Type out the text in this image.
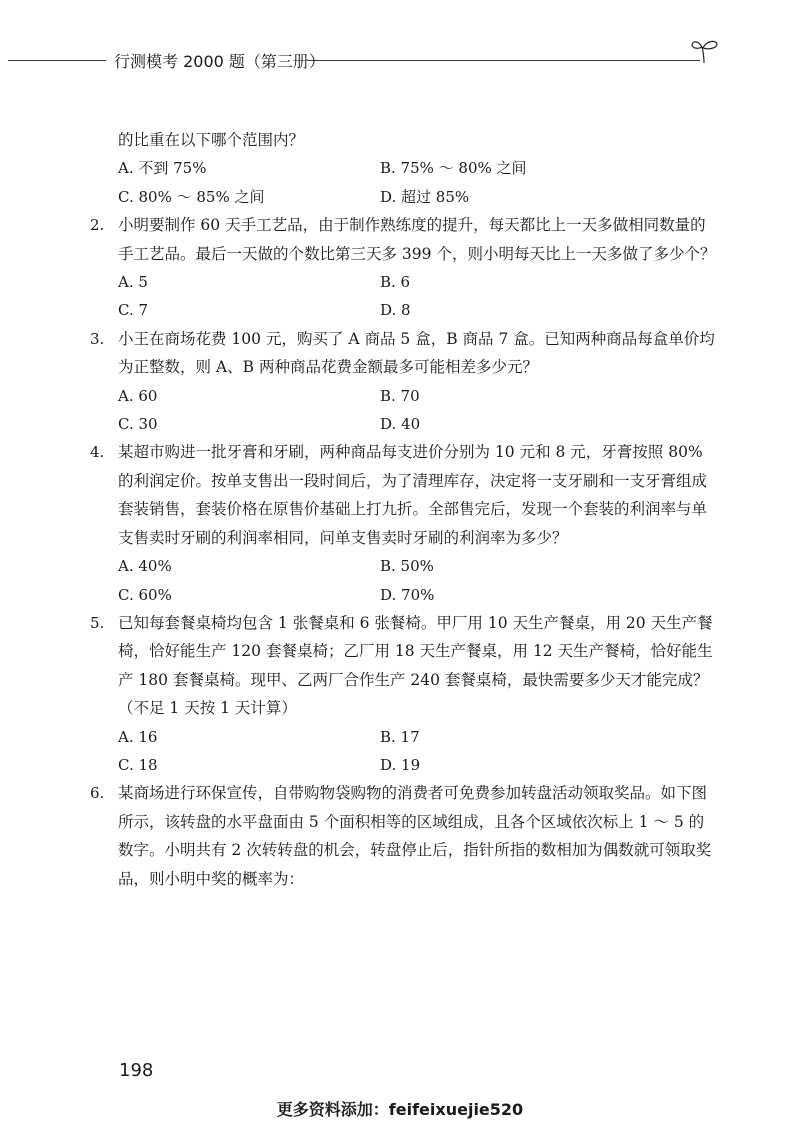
行测模考 2000 题（第三册）
的比重在以下哪个范围内？
A. 不到 75%	B. 75% ～ 80% 之间
C. 80% ～ 85% 之间	D. 超过 85%
2. 小明要制作 60 天手工艺品，由于制作熟练度的提升，每天都比上一天多做相同数量的手工艺品。最后一天做的个数比第三天多 399 个，则小明每天比上一天多做了多少个？
A. 5	B. 6
C. 7	D. 8
3. 小王在商场花费 100 元，购买了 A 商品 5 盒，B 商品 7 盒。已知两种商品每盒单价均为正整数，则 A、B 两种商品花费金额最多可能相差多少元？
A. 60	B. 70
C. 30	D. 40
4. 某超市购进一批牙膏和牙刷，两种商品每支进价分别为 10 元和 8 元，牙膏按照 80% 的利润定价。按单支售出一段时间后，为了清理库存，决定将一支牙刷和一支牙膏组成套装销售，套装价格在原售价基础上打九折。全部售完后，发现一个套装的利润率与单支售卖时牙刷的利润率相同，问单支售卖时牙刷的利润率为多少？
A. 40%	B. 50%
C. 60%	D. 70%
5. 已知每套餐桌椅均包含 1 张餐桌和 6 张餐椅。甲厂用 10 天生产餐桌，用 20 天生产餐椅，恰好能生产 120 套餐桌椅；乙厂用 18 天生产餐桌，用 12 天生产餐椅，恰好能生产 180 套餐桌椅。现甲、乙两厂合作生产 240 套餐桌椅，最快需要多少天才能完成？（不足 1 天按 1 天计算）
A. 16	B. 17
C. 18	D. 19
6. 某商场进行环保宣传，自带购物袋购物的消费者可免费参加转盘活动领取奖品。如下图所示，该转盘的水平盘面由 5 个面积相等的区域组成，且各个区域依次标上 1 ～ 5 的数字。小明共有 2 次转转盘的机会，转盘停止后，指针所指的数相加为偶数就可领取奖品，则小明中奖的概率为：
198
更多资料添加：feifeixuejie520
